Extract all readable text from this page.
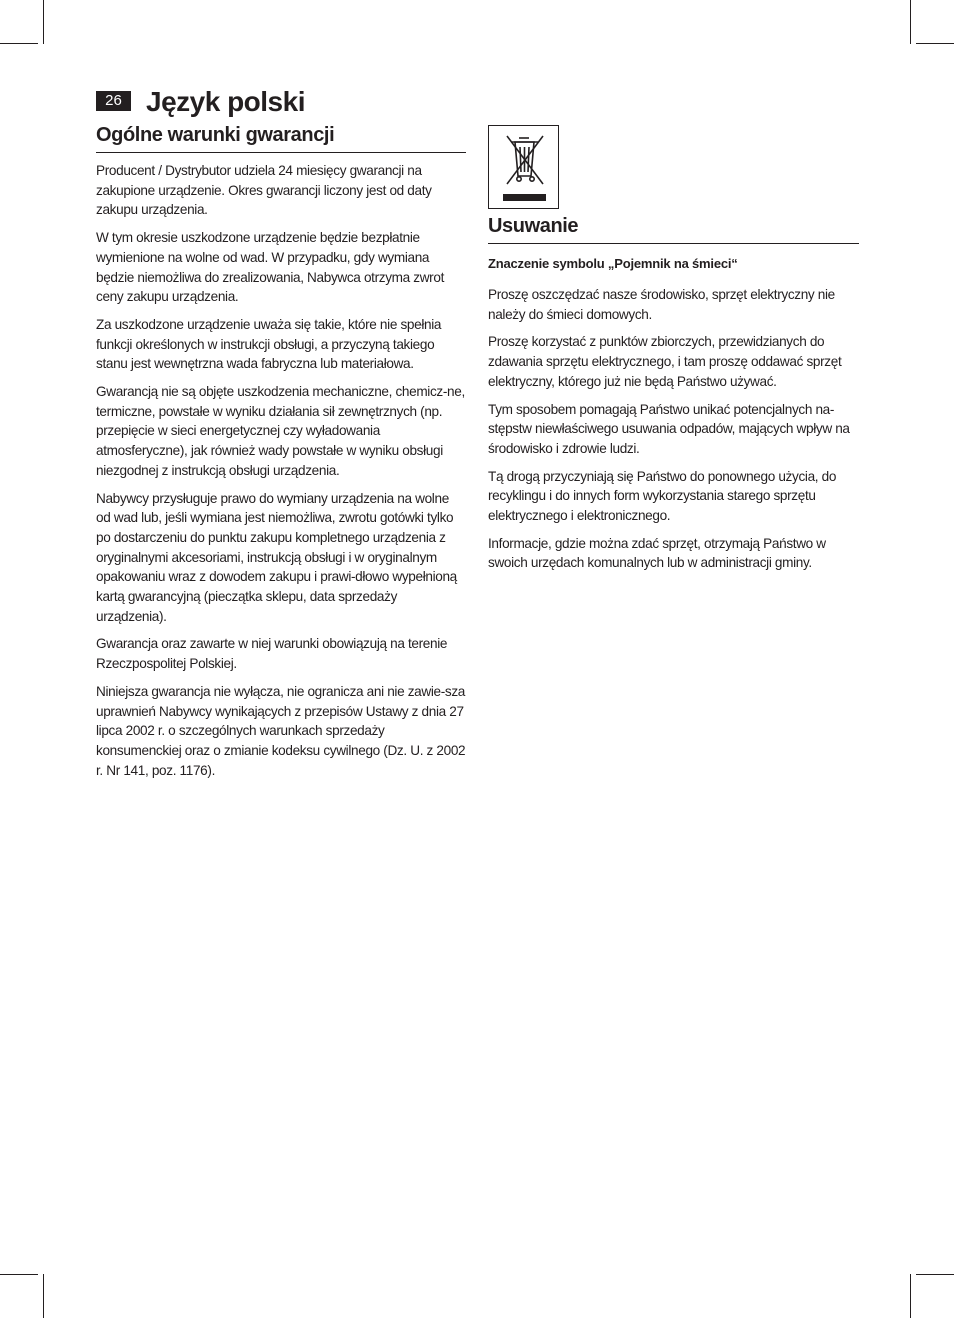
26 Język polski
Ogólne warunki gwarancji

Producent / Dystrybutor udziela 24 miesięcy gwarancji na zakupione urządzenie. Okres gwarancji liczony jest od daty zakupu urządzenia.

W tym okresie uszkodzone urządzenie będzie bezpłatnie wymienione na wolne od wad. W przypadku, gdy wymiana będzie niemożliwa do zrealizowania, Nabywca otrzyma zwrot ceny zakupu urządzenia.

Za uszkodzone urządzenie uważa się takie, które nie spełnia funkcji określonych w instrukcji obsługi, a przyczyną takiego stanu jest wewnętrzna wada fabryczna lub materiałowa.

Gwarancją nie są objęte uszkodzenia mechaniczne, chemicz-ne, termiczne, powstałe w wyniku działania sił zewnętrznych (np. przepięcie w sieci energetycznej czy wyładowania atmosferyczne), jak również wady powstałe w wyniku obsługi niezgodnej z instrukcją obsługi urządzenia.

Nabywcy przysługuje prawo do wymiany urządzenia na wolne od wad lub, jeśli wymiana jest niemożliwa, zwrotu gotówki tylko po dostarczeniu do punktu zakupu kompletnego urządzenia z oryginalnymi akcesoriami, instrukcją obsługi i w oryginalnym opakowaniu wraz z dowodem zakupu i prawi-dłowo wypełnioną kartą gwarancyjną (pieczątka sklepu, data sprzedaży urządzenia).

Gwarancja oraz zawarte w niej warunki obowiązują na terenie Rzeczpospolitej Polskiej.

Niniejsza gwarancja nie wyłącza, nie ogranicza ani nie zawie-sza uprawnień Nabywcy wynikających z przepisów Ustawy z dnia 27 lipca 2002 r. o szczególnych warunkach sprzedaży konsumenckiej oraz o zmianie kodeksu cywilnego (Dz. U. z 2002 r. Nr 141, poz. 1176).

Usuwanie

Znaczenie symbolu „Pojemnik na śmieci“

Proszę oszczędzać nasze środowisko, sprzęt elektryczny nie należy do śmieci domowych.

Proszę korzystać z punktów zbiorczych, przewidzianych do zdawania sprzętu elektrycznego, i tam proszę oddawać sprzęt elektryczny, którego już nie będą Państwo używać.

Tym sposobem pomagają Państwo unikać potencjalnych na-stępstw niewłaściwego usuwania odpadów, mających wpływ na środowisko i zdrowie ludzi.

Tą drogą przyczyniają się Państwo do ponownego użycia, do recyklingu i do innych form wykorzystania starego sprzętu elektrycznego i elektronicznego.

Informacje, gdzie można zdać sprzęt, otrzymają Państwo w swoich urzędach komunalnych lub w administracji gminy.
